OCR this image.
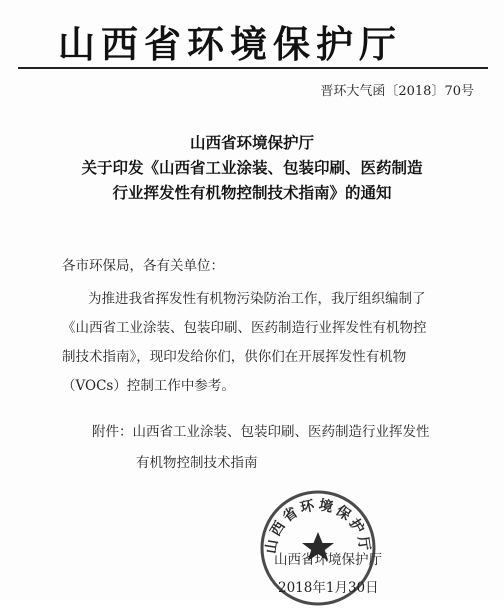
山西省环境保护厅
晋环大气函〔2018〕70号
山西省环境保护厅
关于印发《山西省工业涂装、包装印刷、医药制造
行业挥发性有机物控制技术指南》的通知
各市环保局，各有关单位：
为推进我省挥发性有机物污染防治工作，我厅组织编制了
《山西省工业涂装、包装印刷、医药制造行业挥发性有机物控
制技术指南》，现印发给你们，供你们在开展挥发性有机物
（VOCs）控制工作中参考。
附件：山西省工业涂装、包装印刷、医药制造行业挥发性
有机物控制技术指南
山西省环境保护厅
山西省环境保护厅
2018年1月30日
